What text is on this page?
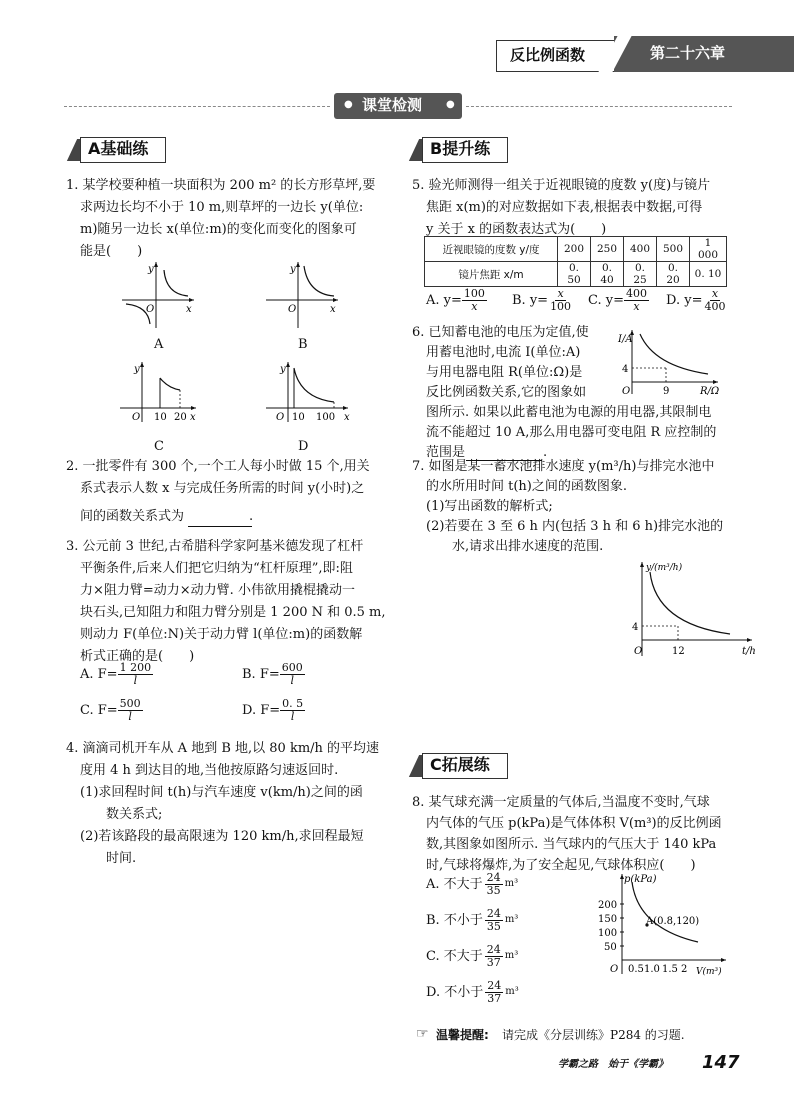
反比例函数	第二十六章
●	●
课堂检测
A基础练
1. 某学校要种植一块面积为 200 m² 的长方形草坪,要
求两边长均不小于 10 m,则草坪的一边长 y(单位:
m)随另一边长 x(单位:m)的变化而变化的图象可
能是(　　)
y
x
O
A
y
x
O
B
y
x
O 10 20
C
y
x
O 10 100
D
2. 一批零件有 300 个,一个工人每小时做 15 个,用关
系式表示人数 x 与完成任务所需的时间 y(小时)之
间的函数关系式为　　　　　.
3. 公元前 3 世纪,古希腊科学家阿基米德发现了杠杆
平衡条件,后来人们把它归纳为“杠杆原理”,即:阻
力×阻力臂=动力×动力臂. 小伟欲用撬棍撬动一
块石头,已知阻力和阻力臂分别是 1 200 N 和 0.5 m,
则动力 F(单位:N)关于动力臂 l(单位:m)的函数解
析式正确的是(　　)
A. $F= \frac{1 200}{l}$	B. $F= \frac{600}{l}$
C. $F= \frac{500}{l}$	D. $F= \frac{0. 5}{l}$
4. 滴滴司机开车从 A 地到 B 地,以 80 km/h 的平均速
度用 4 h 到达目的地,当他按原路匀速返回时.
(1)求回程时间 t(h)与汽车速度 v(km/h)之间的函
　　数关系式;
(2)若该路段的最高限速为 120 km/h,求回程最短
　　时间.
B提升练
5. 验光师测得一组关于近视眼镜的度数 y(度)与镜片
焦距 x(m)的对应数据如下表,根据表中数据,可得
y 关于 x 的函数表达式为(　　)
近视眼镜的度数 y/度	200	250	400	500	1 000
镜片焦距 x/m	0. 50	0. 40	0. 25	0. 20	0. 10
A. $y= \frac{100}{x} B$. $y= \frac{x}{100} C$. $y= \frac{400}{x} D$. $y= \frac{x}{400}$
6. 已知蓄电池的电压为定值,使
用蓄电池时,电流 I(单位:A)
与用电器电阻 R(单位:Ω)是
反比例函数关系,它的图象如
图所示. 如果以此蓄电池为电源的用电器,其限制电
流不能超过 10 A,那么用电器可变电阻 R 应控制的
范围是　　　　　　.
I/A
R/Ω
O
4
9
7. 如图是某一蓄水池排水速度 y(m³/h)与排完水池中
的水所用时间 t(h)之间的函数图象.
(1)写出函数的解析式;
(2)若要在 3 至 6 h 内(包括 3 h 和 6 h)排完水池的
　　水,请求出排水速度的范围.
y/(m³/h)
t/h
O
4
12
C拓展练
8. 某气球充满一定质量的气体后,当温度不变时,气球
内气体的气压 p(kPa)是气体体积 V(m³)的反比例函
数,其图象如图所示. 当气球内的气压大于 140 kPa
时,气球将爆炸,为了安全起见,气球体积应(　　)
A. 不大于 $\frac{24}{35} m^3$
B. 不小于 $\frac{24}{35} m^3$
C. 不大于 $\frac{24}{37} m^3$
D. 不小于 $\frac{24}{37} m^3$
p(kPa)
V(m³)
O
200
150
100
50
0.5 1.0 1.5 2
A(0.8,120)
☞ 温馨提醒: 请完成《分层训练》P284 的习题.
学霸之路　始于《学霸》 147
